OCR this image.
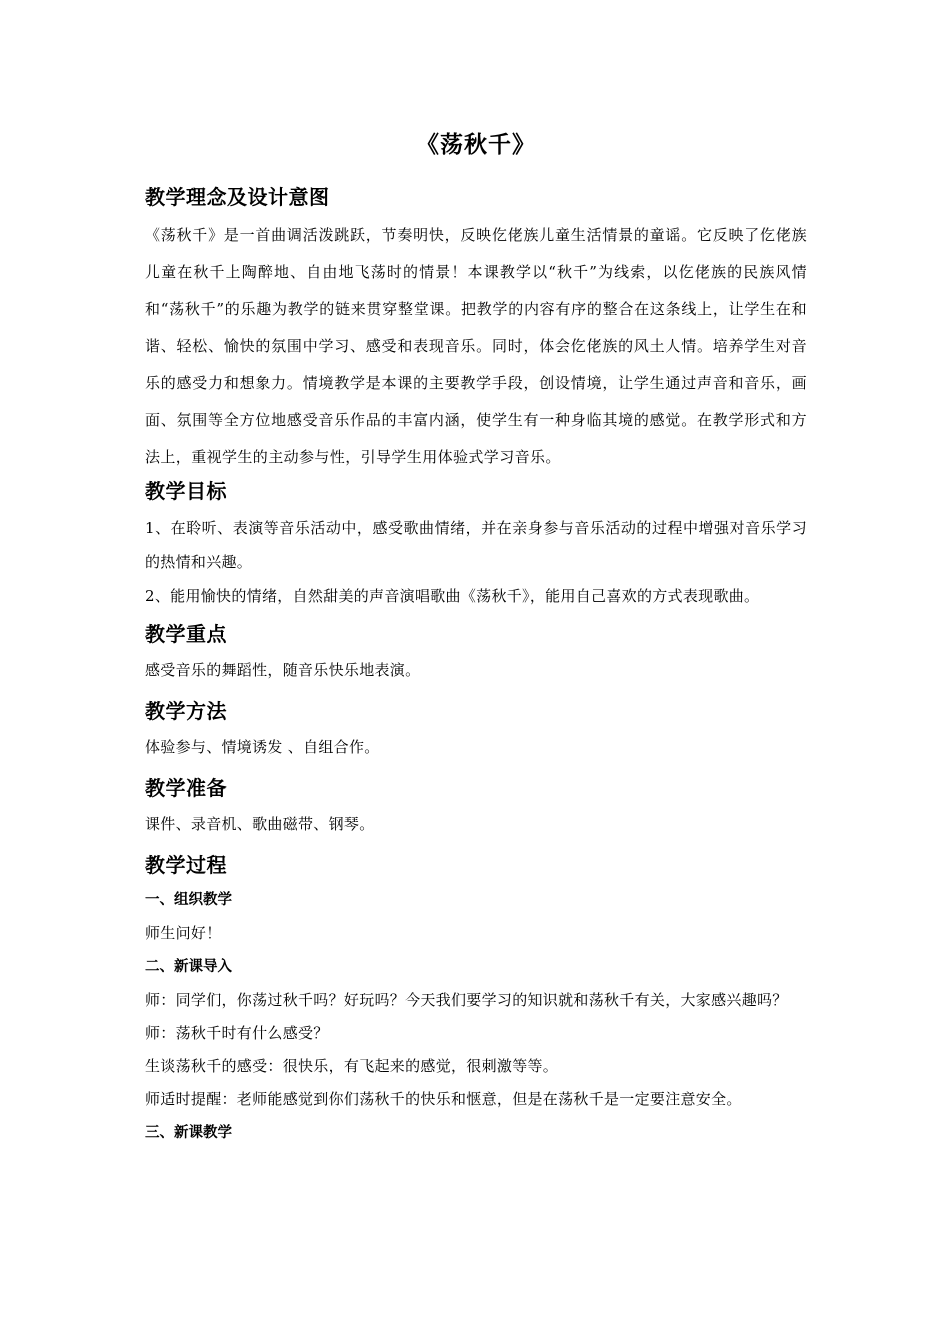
《荡秋千》
教学理念及设计意图

《荡秋千》是一首曲调活泼跳跃，节奏明快，反映仡佬族儿童生活情景的童谣。它反映了仡佬族儿童在秋千上陶醉地、自由地飞荡时的情景！本课教学以“秋千”为线索，以仡佬族的民族风情和“荡秋千”的乐趣为教学的链来贯穿整堂课。把教学的内容有序的整合在这条线上，让学生在和谐、轻松、愉快的氛围中学习、感受和表现音乐。同时，体会仡佬族的风土人情。培养学生对音乐的感受力和想象力。情境教学是本课的主要教学手段，创设情境，让学生通过声音和音乐，画面、氛围等全方位地感受音乐作品的丰富内涵，使学生有一种身临其境的感觉。在教学形式和方法上，重视学生的主动参与性，引导学生用体验式学习音乐。

教学目标

1、在聆听、表演等音乐活动中，感受歌曲情绪，并在亲身参与音乐活动的过程中增强对音乐学习的热情和兴趣。

2、能用愉快的情绪，自然甜美的声音演唱歌曲《荡秋千》，能用自己喜欢的方式表现歌曲。

教学重点

感受音乐的舞蹈性，随音乐快乐地表演。

教学方法

体验参与、情境诱发 、自组合作。

教学准备

课件、录音机、歌曲磁带、钢琴。

教学过程
一、组织教学

师生问好！

二、新课导入

师：同学们，你荡过秋千吗？好玩吗？今天我们要学习的知识就和荡秋千有关，大家感兴趣吗？

师：荡秋千时有什么感受？

生谈荡秋千的感受：很快乐，有飞起来的感觉，很刺激等等。

师适时提醒：老师能感觉到你们荡秋千的快乐和惬意，但是在荡秋千是一定要注意安全。

三、新课教学
